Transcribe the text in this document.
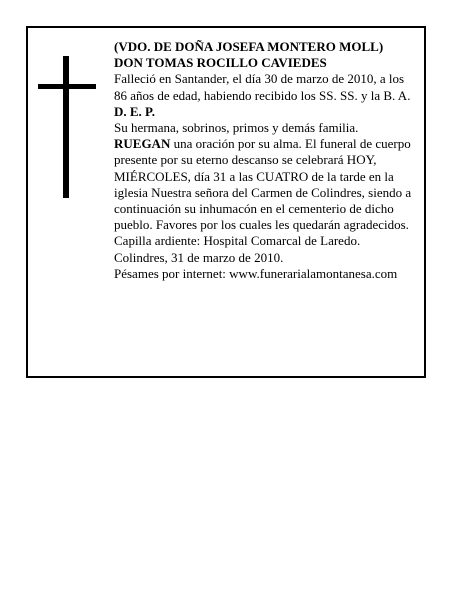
(VDO. DE DOÑA JOSEFA MONTERO MOLL)

DON TOMAS ROCILLO CAVIEDES

Falleció en Santander, el día 30 de marzo de 2010, a los 86 años de edad, habiendo recibido los SS. SS. y la B. A.

D. E. P.

Su hermana, sobrinos, primos y demás familia.

RUEGAN una oración por su alma. El funeral de cuerpo presente por su eterno descanso se celebrará HOY, MIÉRCOLES, día 31 a las CUATRO de la tarde en la iglesia Nuestra señora del Carmen de Colindres, siendo a continuación su inhumacón en el cementerio de dicho pueblo. Favores por los cuales les quedarán agradecidos. Capilla ardiente: Hospital Comarcal de Laredo.

Colindres, 31 de marzo de 2010.

Pésames por internet: www.funerarialamontanesa.com
